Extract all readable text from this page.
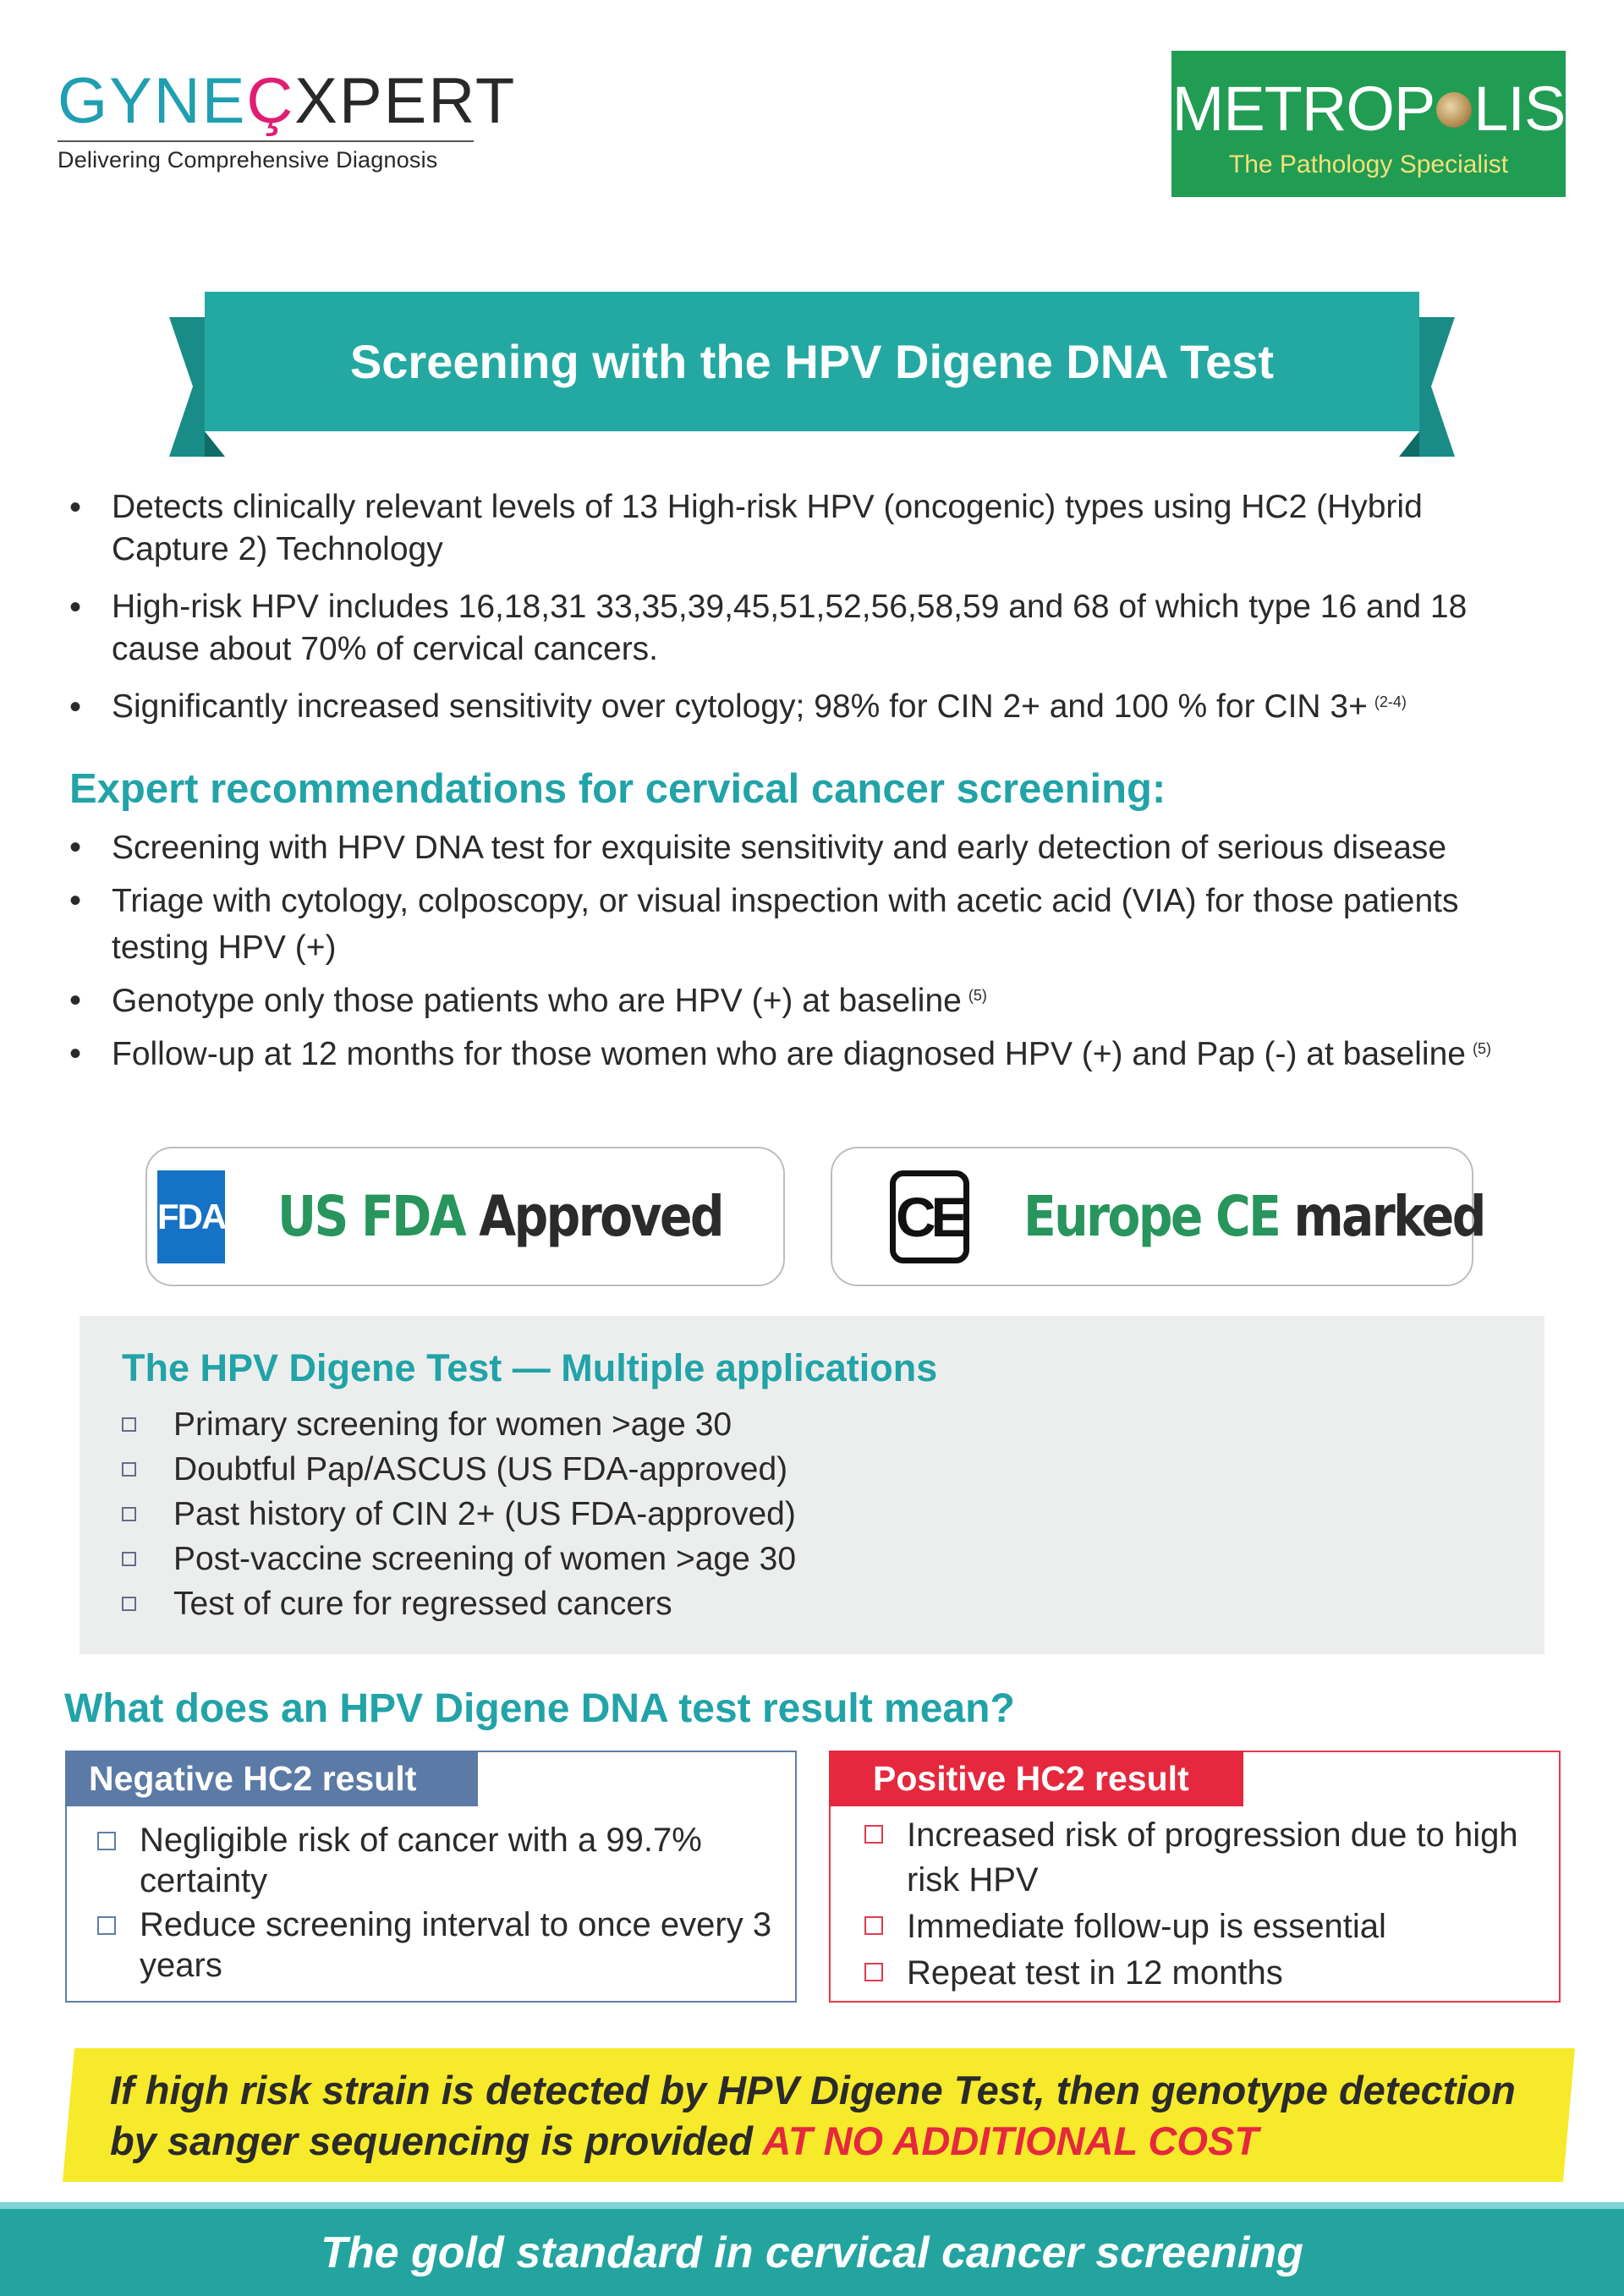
GYNEÇXPERT
Delivering Comprehensive Diagnosis
METROP LIS
The Pathology Specialist
Screening with the HPV Digene DNA Test
• Detects clinically relevant levels of 13 High-risk HPV (oncogenic) types using HC2 (Hybrid Capture 2) Technology
• High-risk HPV includes 16,18,31 33,35,39,45,51,52,56,58,59 and 68 of which type 16 and 18 cause about 70% of cervical cancers.
• Significantly increased sensitivity over cytology; 98% for CIN 2+ and 100 % for CIN 3+ $^{(2-4)}$
Expert recommendations for cervical cancer screening:
• Screening with HPV DNA test for exquisite sensitivity and early detection of serious disease
• Triage with cytology, colposcopy, or visual inspection with acetic acid (VIA) for those patients testing HPV (+)
• Genotype only those patients who are HPV (+) at baseline $^{(5)}$
• Follow-up at 12 months for those women who are diagnosed HPV (+) and Pap (-) at baseline $^{(5)}$
FDA US FDA Approved	CE Europe CE marked
The HPV Digene Test — Multiple applications
Primary screening for women >age 30
Doubtful Pap/ASCUS (US FDA-approved)
Past history of CIN 2+ (US FDA-approved)
Post-vaccine screening of women >age 30
Test of cure for regressed cancers
What does an HPV Digene DNA test result mean?
Negative HC2 result
Negligible risk of cancer with a 99.7% certainty
Reduce screening interval to once every 3 years
Positive HC2 result
Increased risk of progression due to high risk HPV
Immediate follow-up is essential
Repeat test in 12 months
If high risk strain is detected by HPV Digene Test, then genotype detection by sanger sequencing is provided AT NO ADDITIONAL COST
The gold standard in cervical cancer screening
